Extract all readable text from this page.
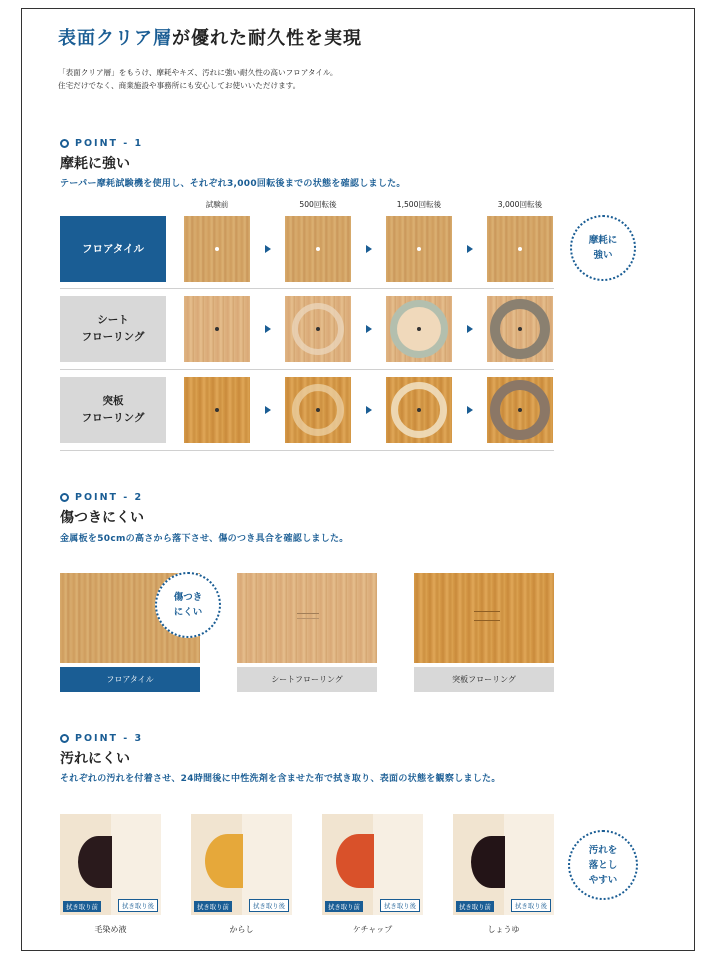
表面クリア層が優れた耐久性を実現
「表面クリア層」をもうけ、摩耗やキズ、汚れに強い耐久性の高いフロアタイル。
住宅だけでなく、商業施設や事務所にも安心してお使いいただけます。
POINT - 1
摩耗に強い
テーパー摩耗試験機を使用し、それぞれ3,000回転後までの状態を確認しました。
試験前	500回転後	1,500回転後	3,000回転後
フロアタイル
摩耗に
強い
シート
フローリング
突板
フローリング
POINT - 2
傷つきにくい
金属板を50cmの高さから落下させ、傷のつき具合を確認しました。
傷つき
にくい
フロアタイル	シートフローリング	突板フローリング
POINT - 3
汚れにくい
それぞれの汚れを付着させ、24時間後に中性洗剤を含ませた布で拭き取り、表面の状態を観察しました。
拭き取り前	拭き取り後	拭き取り前	拭き取り後	拭き取り前	拭き取り後	拭き取り前	拭き取り後
汚れを
落とし
やすい
毛染め液	からし	ケチャップ	しょうゆ
